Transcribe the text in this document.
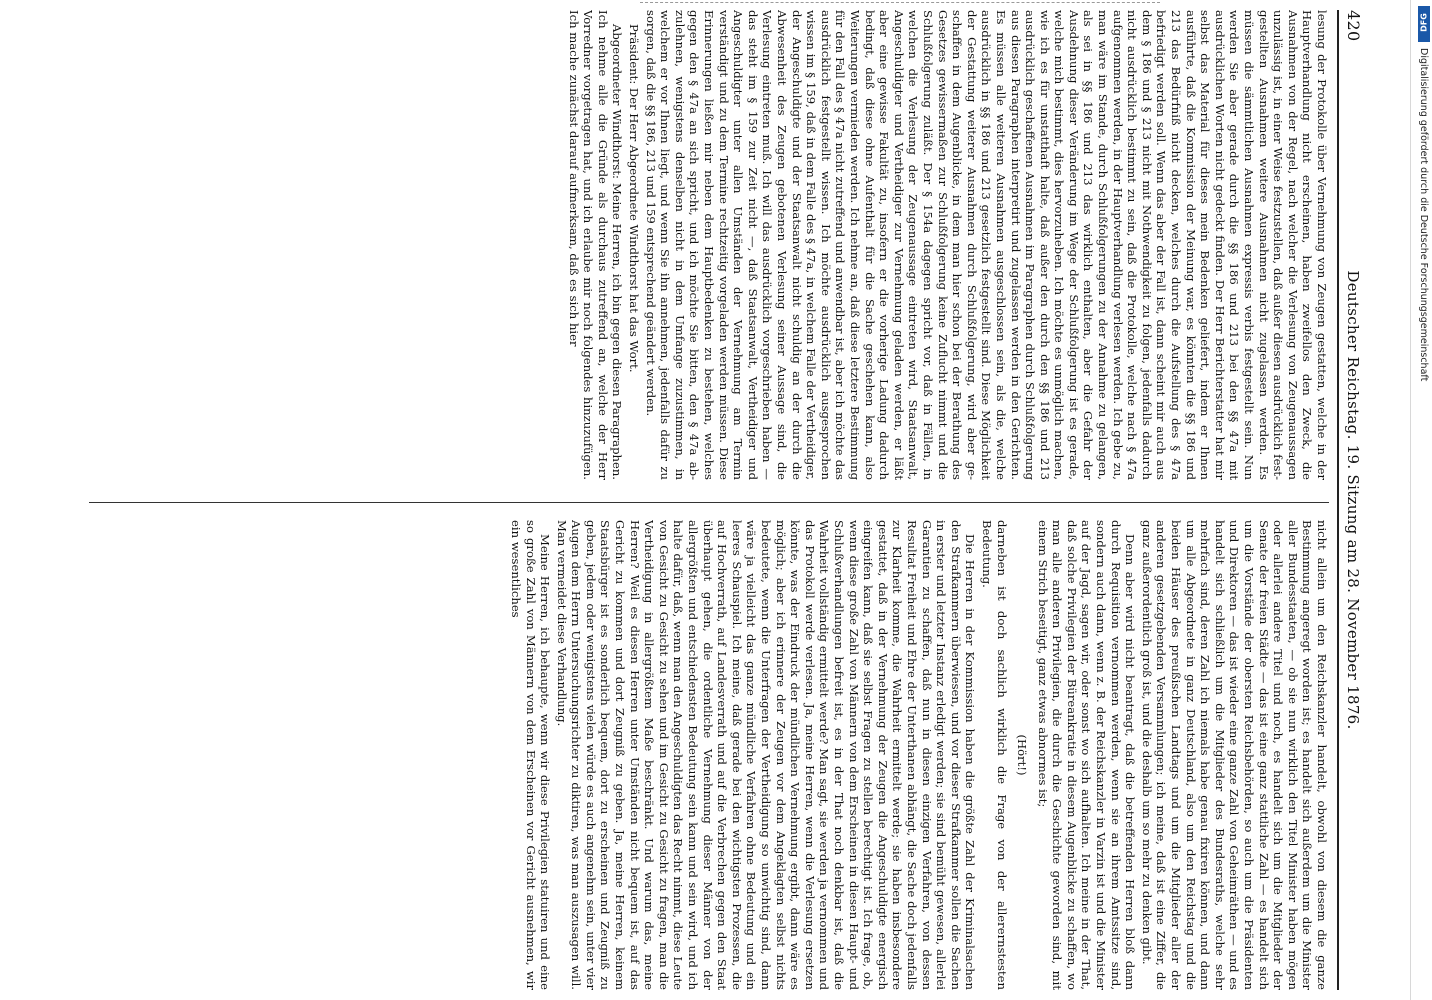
420
Deutscher Reichstag. 19. Sitzung am 28. November 1876.

lesung der Protokolle über Vernehmung von Zeugen gestatten, welche in der Hauptverhandlung nicht erscheinen, haben zweifellos den Zweck, die Ausnahmen von der Regel, nach welcher die Verlesung von Zeugenaussagen unzulässig ist, in einer Weise festzustellen, daß außer diesen ausdrücklich festgestellten Ausnahmen weitere Ausnahmen nicht zugelassen werden. Es müssen die sämmtlichen Ausnahmen expressis verbis festgestellt sein. Nun werden Sie aber gerade durch die §§ 186 und 213 bei den §§ 47a mit ausdrücklichen Worten nicht gedeckt finden. Der Herr Berichterstatter hat mir selbst das Material für dieses mein Bedenken geliefert, indem er Ihnen ausführte, daß die Kommission der Meinung war, es könnten die §§ 186 und 213 das Bedürfniß nicht decken, welches durch die Aufstellung des § 47a befriedigt werden soll. Wenn das aber der Fall ist, dann scheint mir auch aus dem § 186 und § 213 nicht mit Nothwendigkeit zu folgen, jedenfalls dadurch nicht ausdrücklich bestimmt zu sein, daß die Protokolle, welche nach § 47a aufgenommen werden, in der Hauptverhandlung verlesen werden. Ich gebe zu, man wäre im Stande, durch Schlußfolgerungen zu der Annahme zu gelangen, als sei in §§ 186 und 213 das wirklich enthalten, aber die Gefahr der Ausdehnung dieser Veränderung im Wege der Schlußfolgerung ist es gerade, welche mich bestimmt, dies hervorzuheben. Ich möchte es unmöglich machen, wie ich es für unstatthaft halte, daß außer den durch den §§ 186 und 213 ausdrücklich geschaffenen Ausnahmen im Paragraphen durch Schlußfolgerung aus diesen Paragraphen interpretirt und zugelassen werden in den Gerichten. Es müssen alle weiteren Ausnahmen ausgeschlossen sein, als die, welche ausdrücklich in §§ 186 und 213 gesetzlich festgestellt sind. Diese Möglichkeit der Gestattung weiterer Ausnahmen durch Schlußfolgerung, wird aber geschaffen in dem Augenblicke, in dem man hier schon bei der Berathung des Gesetzes gewissermaßen zur Schlußfolgerung keine Zuflucht nimmt und die Schlußfolgerung zuläßt. Der § 154a dagegen spricht vor, daß in Fällen, in welchen die Verlesung der Zeugenaussage eintreten wird, Staatsanwalt, Angeschuldigter und Vertheidiger zur Vernehmung geladen werden, er läßt aber eine gewisse Fakultät zu, insofern er die vorherige Ladung dadurch bedingt, daß diese ohne Aufenthalt für die Sache geschehen kann, also Weiterungen vermieden werden. Ich nehme an, daß diese letztere Bestimmung für den Fall des § 47a nicht zutreffend und anwendbar ist, aber ich möchte das ausdrücklich festgestellt wissen. Ich möchte ausdrücklich ausgesprochen wissen im § 159, daß in dem Falle des § 47a, in welchem Falle der Vertheidiger, der Angeschuldigte und der Staatsanwalt nicht schuldig an der durch die Abwesenheit des Zeugen gebotenen Verlesung seiner Aussage sind, die Verlesung eintreten muß. Ich will das ausdrücklich vorgeschrieben haben — das steht im § 159 zur Zeit nicht —, daß Staatsanwalt, Vertheidiger und Angeschuldigter unter allen Umständen der Vernehmung am Termin verständigt und zu dem Termine rechtzeitig vorgeladen werden müssen. Diese Erinnerungen ließen mir neben dem Hauptbedenken zu bestehen, welches gegen den § 47a an sich spricht, und ich möchte Sie bitten, den § 47a abzulehnen, wenigstens denselben nicht in dem Umfange zuzustimmen, in welchem er vor Ihnen liegt, und wenn Sie ihn annehmen, jedenfalls dafür zu sorgen, daß die §§ 186, 213 und 159 entsprechend geändert werden.

Präsident: Der Herr Abgeordnete Windthorst hat das Wort.

Abgeordneter Windthorst: Meine Herren, ich bin gegen diesen Paragraphen. Ich nehme alle die Gründe als durchaus zutreffend an, welche der Herr Vorredner vorgetragen hat, und ich erlaube mir noch folgendes hinzuzufügen. Ich mache zunächst darauf aufmerksam, daß es sich hier

nicht allein um den Reichskanzler handelt, obwohl von diesem die ganze Bestimmung angeregt worden ist; es handelt sich außerdem um die Minister aller Bundesstaaten, — ob sie nun wirklich den Titel Minister haben mögen oder allerlei andere Titel und noch, es handelt sich um die Mitglieder der Senate der freien Städte — das ist eine ganz stattliche Zahl — es handelt sich um die Vorstände der obersten Reichsbehörden, so auch um die Präsidenten und Direktoren — das ist wieder eine ganze Zahl von Geheimräthen — und es handelt sich schließlich um die Mitglieder des Bundesraths, welche sehr mehrfach sind, deren Zahl ich niemals habe genau fixiren können, und dann um alle Abgeordnete in ganz Deutschland, also um den Reichstag und die beiden Häuser des preußischen Landtags und um die Mitglieder aller der anderen gesetzgebenden Versammlungen; ich meine, daß ist eine Ziffer, die ganz außerordentlich groß ist, und die deshalb um so mehr zu denken gibt.

Denn aber wird nicht beantragt, daß die betreffenden Herren bloß dann durch Requisition vernommen werden, wenn sie an ihrem Amtssitze sind, sondern auch dann, wenn z. B. der Reichskanzler in Varzin ist und die Minister auf der Jagd, sagen wir, oder sonst wo sich aufhalten. Ich meine in der That, daß solche Privilegien der Büreankratie in diesem Augenblicke zu schaffen, wo man alle anderen Privilegien, die durch die Geschichte geworden sind, mit einem Strich beseitigt, ganz etwas abnormes ist;

(Hört!)

darneben ist doch sachlich wirklich die Frage von der allerernstesten Bedeutung.

Die Herren in der Kommission haben die größte Zahl der Kriminalsachen den Strafkammern überwiesen, und vor dieser Strafkammer sollen die Sachen in erster und letzter Instanz erledigt werden; sie sind bemüht gewesen, allerlei Garantien zu schaffen, daß nun in diesen einzigen Verfahren, von dessen Resultat Freiheit und Ehre der Unterthanen abhängt, die Sache doch jedenfalls zur Klarheit komme, die Wahrheit ermittelt werde; sie haben insbesondere gestattet, daß in der Vernehmung der Zeugen die Angeschuldigte energisch eingreifen kann, daß sie selbst Fragen zu stellen berechtigt ist. Ich frage, ob, wenn diese große Zahl von Männern von dem Erscheinen in diesen Haupt- und Schlußverhandlungen befreit ist, es in der That noch denkbar ist, daß die Wahrheit vollständig ermittelt werde? Man sagt, sie werden ja vernommen und das Protokoll werde verlesen. Ja, meine Herren, wenn die Verlesung ersetzen könnte, was der Eindruck der mündlichen Vernehmung ergibt, dann wäre es möglich; aber ich erinnere der Zeugen vor dem Angeklagten selbst nichts bedeutete, wenn die Unterfragen der Vertheidigung so unwichtig sind, dann wäre ja vielleicht das ganze mündliche Verfahren ohne Bedeutung und ein leeres Schauspiel. Ich meine, daß gerade bei den wichtigsten Prozessen, die auf Hochverrath, auf Landesverrath und auf die Verbrechen gegen den Staat überhaupt gehen, die ordentliche Vernehmung dieser Männer von der allergrößten und entschiedensten Bedeutung sein kann und sein wird, und ich halte dafür, daß, wenn man den Angeschuldigten das Recht nimmt, diese Leute von Gesicht zu Gesicht zu sehen und im Gesicht zu Gesicht zu fragen, man die Vertheidigung in allergrößtem Maße beschränkt. Und warum das, meine Herren? Weil es diesen Herren unter Umständen nicht bequem ist, auf das Gericht zu kommen und dort Zeugniß zu geben. Ja, meine Herren, keinem Staatsbürger ist es sonderlich bequem, dort zu erscheinen und Zeugniß zu geben, jedem oder wenigstens vielen würde es auch angenehm sein, unter vier Augen dem Herrn Untersuchungsrichter zu diktiren, was man auszusagen will. Man vermeidet diese Verhandlung.

Meine Herren, ich behaupte, wenn wir diese Privilegien statuiren und eine so große Zahl von Männern von dem Erscheinen vor Gericht ausnehmen, wir ein wesentliches

DFG
Digitalisierung gefördert durch die Deutsche Forschungsgemeinschaft
